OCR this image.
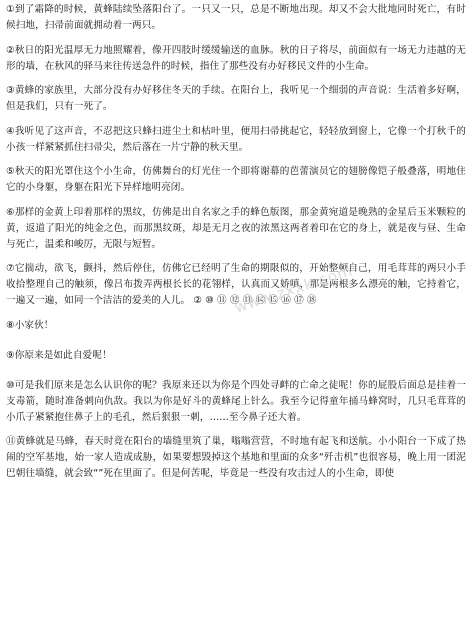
①到了霜降的时候，黄蜂陆续坠落阳台了。一只又一只，总是不断地出现。却又不会大批地同时死亡，有时候扫地，扫帚前面就拥动着一两只。

②秋日的阳光温厚无力地照耀着，像开四肢时缓缓输送的血脉。秋的日子将尽，前面似有一场无力违越的无形的墙，在秋风的驿马来往传送急件的时候，指住了那些没有办好移民文件的小生命。

③黄蜂的家族里，大部分没有办好移住冬天的手续。在阳台上，我听见一个细弱的声音说：生活着多好啊，但是我们，只有一死了。

④我听见了这声音，不忍把这只蜂扫进尘土和枯叶里，便用扫帚挑起它，轻轻放到窗上，它像一个打秋千的小孩一样紧紧抓住扫帚尖，然后落在一片宁静的秋天里。

⑤秋天的阳光罩住这个小生命，仿佛舞台的灯光住一个即将谢幕的芭蕾演员它的翅膀像铠子般叠落，明地住它的小身躯，身躯在阳光下异样地明亮闭。

⑥那样的金黄上印着那样的黑纹，仿佛是出自名家之手的蜂色版图，那金黄宛道是晚熟的金星后玉米颗粒的黄，返道了阳光的纯金之色，而那黑纹斑，却是无月之夜的浓黑这两者着印在它的身上，就是夜与昼、生命与死亡，温柔和峻厉，无限与短暂。

⑦它揣动，欲飞，颤抖，然后停住，仿佛它已经明了生命的期限似的，开始整顿自己，用毛茸茸的两只小手收拾整理自己的触须，像吕布拨弄两根长长的花翎样，认真而又娇嗔，那是两根多么漂亮的触，它持着它，一遍又一遍，如同一个洁洁的爱美的人儿。 ② ⑩ ⑪ ⑫ ⑬ ⑭ ⑮ ⑯ ⑰ ⑱

⑧小家伙！

⑨你原来是如此自爱呢！

⑩可是我们原来是怎么认识你的呢？我原来还以为你是个四处寻衅的亡命之徒呢！你的屁股后面总是挂着一支毒箭，随时准备刺向仇敌。我以为你是好斗的黄蜂尾上针么。我至今记得童年捅马蜂窝时，几只毛茸茸的小爪子紧紧抱住鼻子上的毛孔，然后狠狠一刺，……至今鼻子还大着。

⑪黄蜂就是马蜂，春天时竟在阳台的墙缝里筑了巢，嗡嗡营营，不时地有起飞和送航。小小阳台一下成了热闹的空军基地，始一家人造成成胁，如果要想毁掉这个基地和里面的众多“歼击机”也很容易，晚上用一团泥巴朝往墙缝，就会致“”死在里面了。但是何苦呢，毕竟是一些没有攻击过人的小生命，即使

www.zxxk.com
